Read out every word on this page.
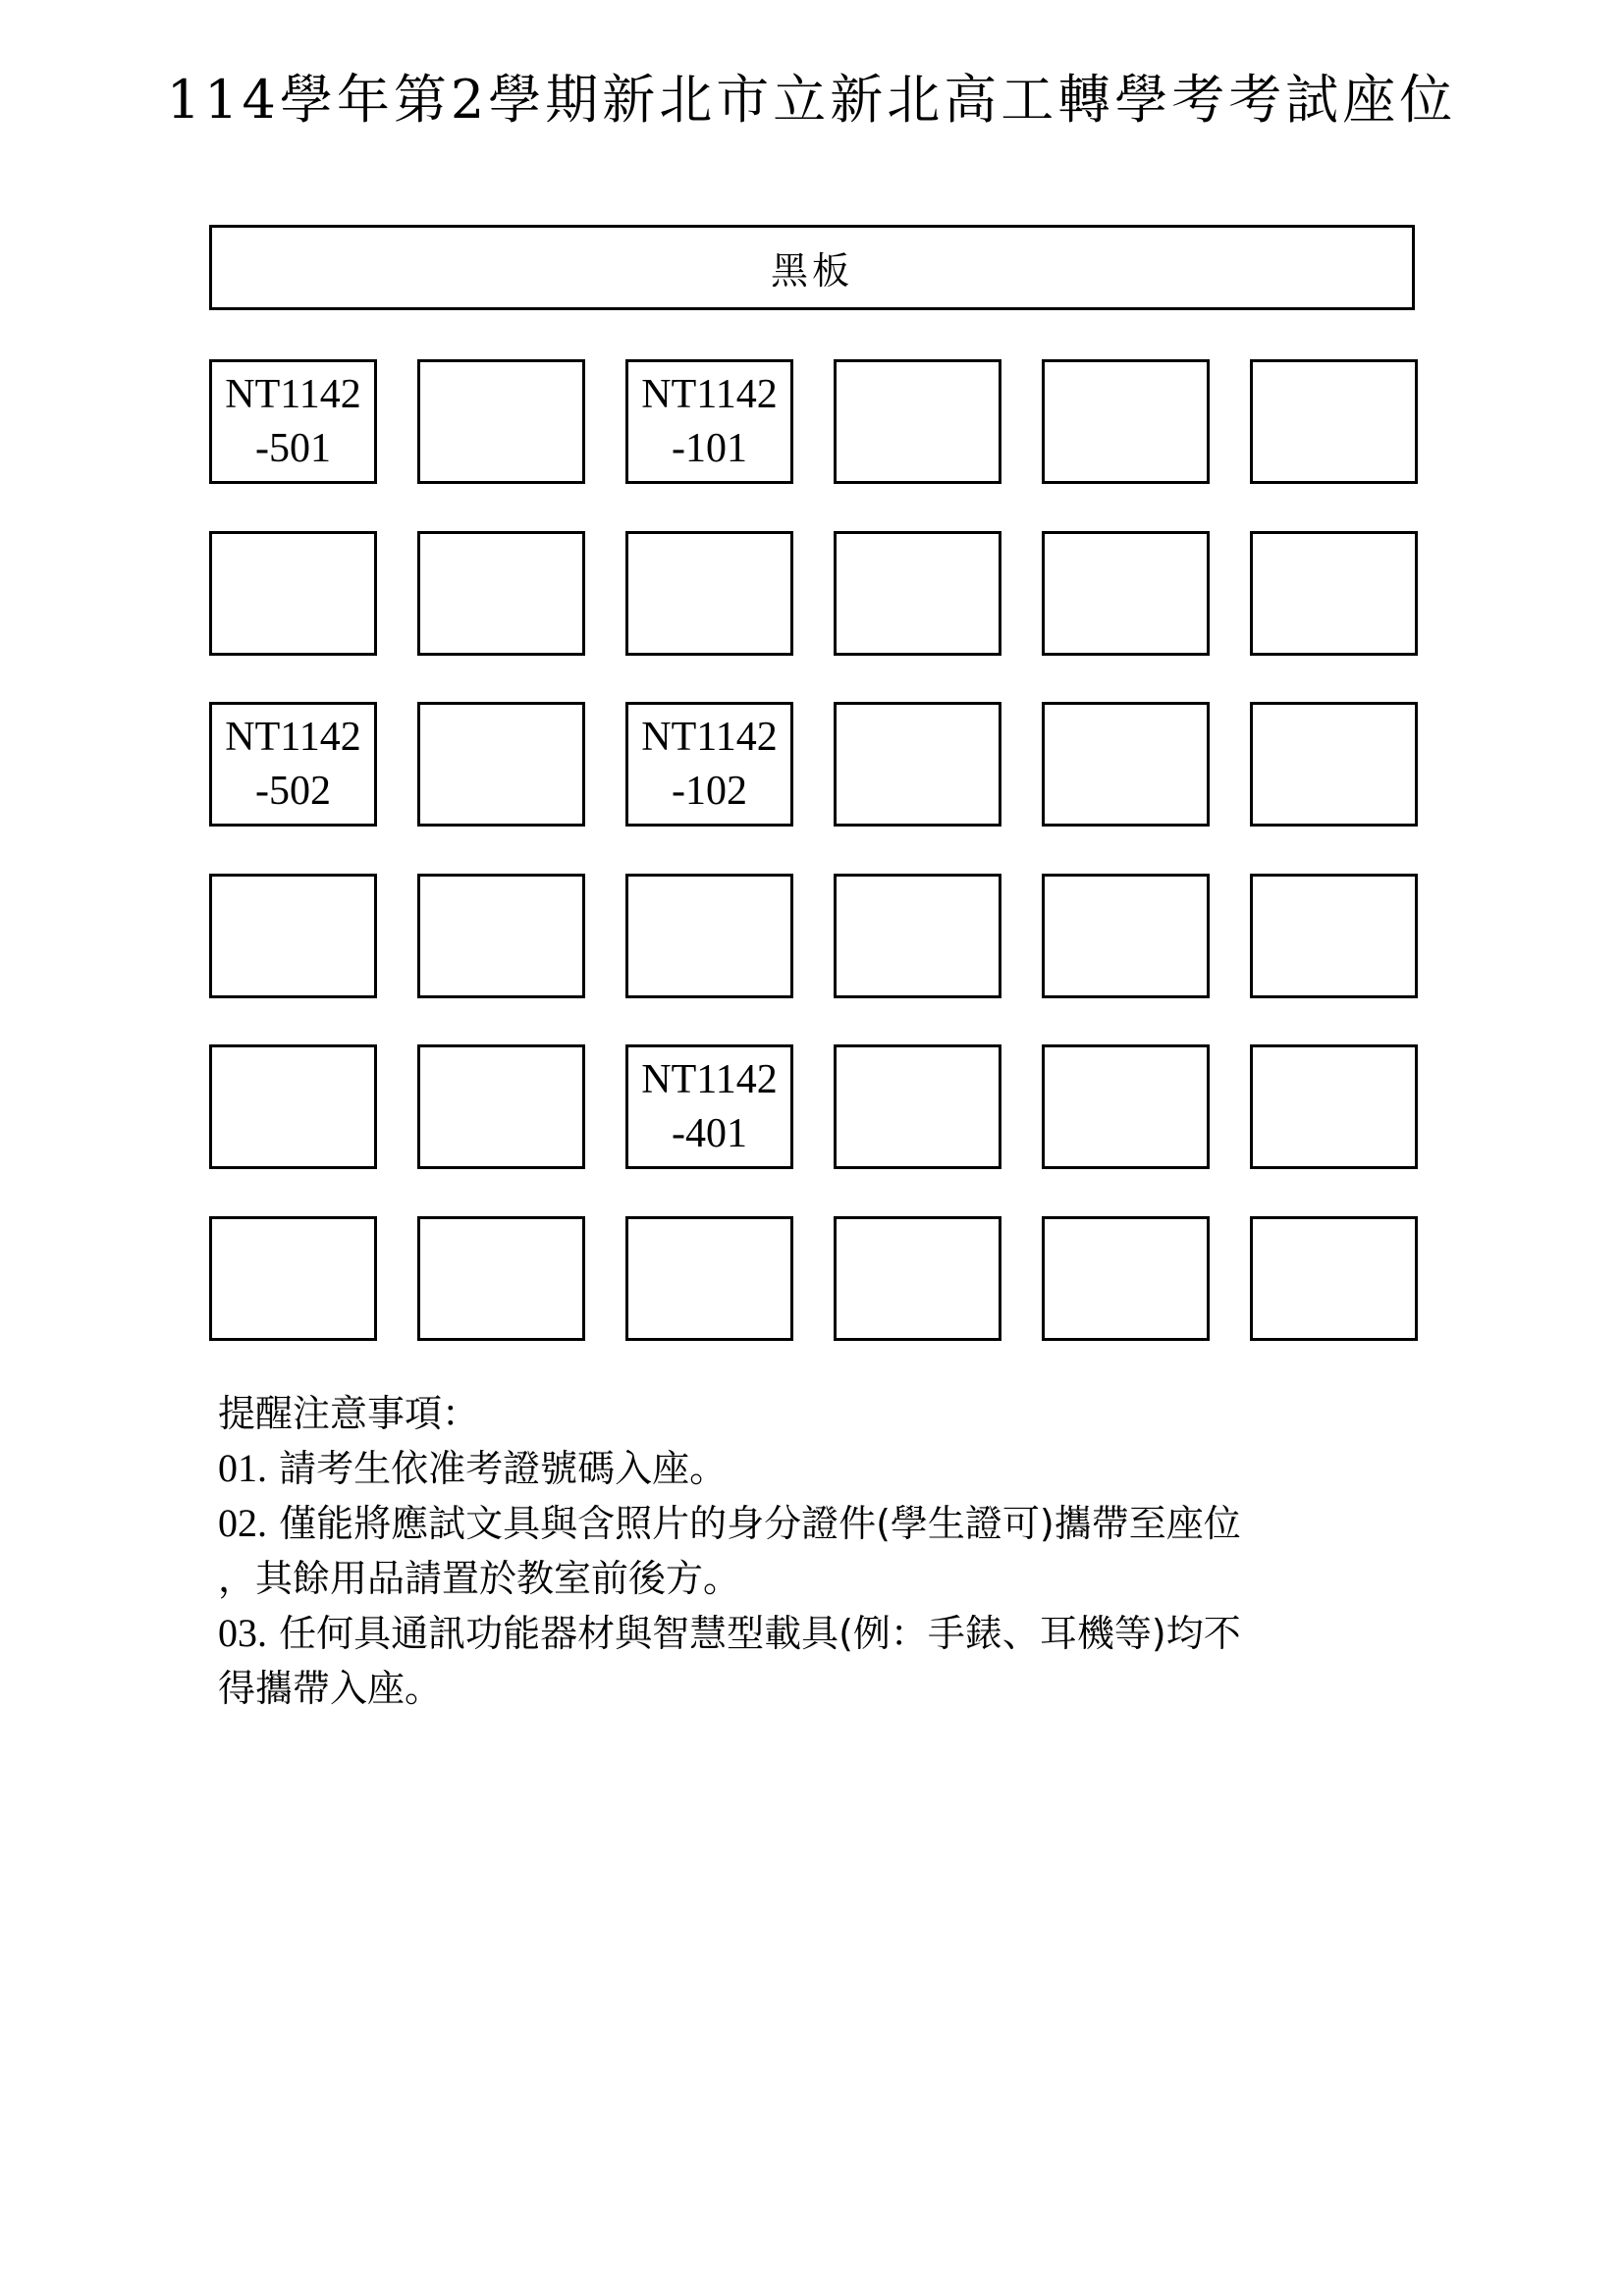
114學年第2學期新北市立新北高工轉學考考試座位
黑板
NT1142
-501
NT1142
-101
NT1142
-502
NT1142
-102
NT1142
-401
提醒注意事項：
01. 請考生依准考證號碼入座。
02. 僅能將應試文具與含照片的身分證件(學生證可)攜帶至座位
，其餘用品請置於教室前後方。
03. 任何具通訊功能器材與智慧型載具(例：手錶、耳機等)均不
得攜帶入座。
